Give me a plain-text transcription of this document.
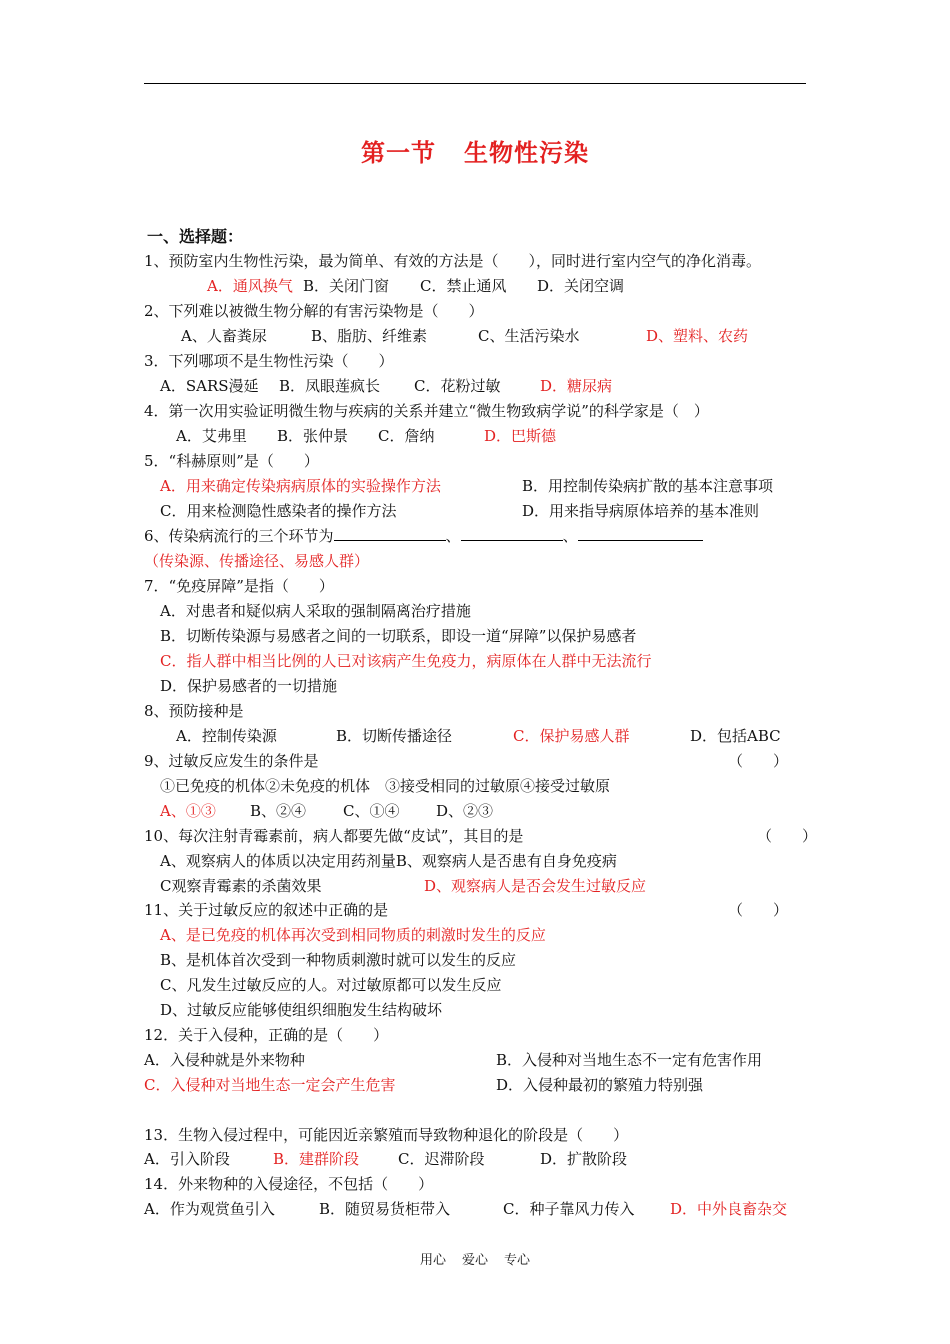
第一节 生物性污染
一、选择题：
1、预防室内生物性污染，最为简单、有效的方法是（　　），同时进行室内空气的净化消毒。
A．通风换气 B．关闭门窗 C．禁止通风 D．关闭空调
2、下列难以被微生物分解的有害污染物是（　　）
A、人畜粪尿	B、脂肪、纤维素	C、生活污染水	D、塑料、农药
3．下列哪项不是生物性污染（　　）
A．SARS漫延 B．凤眼莲疯长 C．花粉过敏	D．糖尿病
4．第一次用实验证明微生物与疾病的关系并建立“微生物致病学说”的科学家是（　）
A．艾弗里 B．张仲景 C．詹纳	D．巴斯德
5．“科赫原则”是（　　）
A．用来确定传染病病原体的实验操作方法	B．用控制传染病扩散的基本注意事项
C．用来检测隐性感染者的操作方法	D．用来指导病原体培养的基本准则
6、传染病流行的三个环节为	、	、
（传染源、传播途径、易感人群）
7．“免疫屏障”是指（　　）
A．对患者和疑似病人采取的强制隔离治疗措施
B．切断传染源与易感者之间的一切联系，即设一道“屏障”以保护易感者
C．指人群中相当比例的人已对该病产生免疫力，病原体在人群中无法流行
D．保护易感者的一切措施
8、预防接种是
A．控制传染源	B．切断传播途径	C．保护易感人群	D．包括ABC
9、过敏反应发生的条件是	（　　）
①已免疫的机体②未免疫的机体　③接受相同的过敏原④接受过敏原
A、①③ B、②④ C、①④ D、②③
10、每次注射青霉素前，病人都要先做“皮试”，其目的是	（　　）
A、观察病人的体质以决定用药剂量B、观察病人是否患有自身免疫病
C观察青霉素的杀菌效果	D、观察病人是否会发生过敏反应
11、关于过敏反应的叙述中正确的是	（　　）
A、是已免疫的机体再次受到相同物质的刺激时发生的反应
B、是机体首次受到一种物质刺激时就可以发生的反应
C、凡发生过敏反应的人。对过敏原都可以发生反应
D、过敏反应能够使组织细胞发生结构破坏
12．关于入侵种，正确的是（　　）
A．入侵种就是外来物种	B．入侵种对当地生态不一定有危害作用
C．入侵种对当地生态一定会产生危害	D．入侵种最初的繁殖力特别强
13．生物入侵过程中，可能因近亲繁殖而导致物种退化的阶段是（　　）
A．引入阶段	B．建群阶段	C．迟滞阶段	D．扩散阶段
14．外来物种的入侵途径，不包括（　　）
A．作为观赏鱼引入	B．随贸易货柜带入	C．种子靠风力传入 D．中外良畜杂交
用心 爱心 专心
